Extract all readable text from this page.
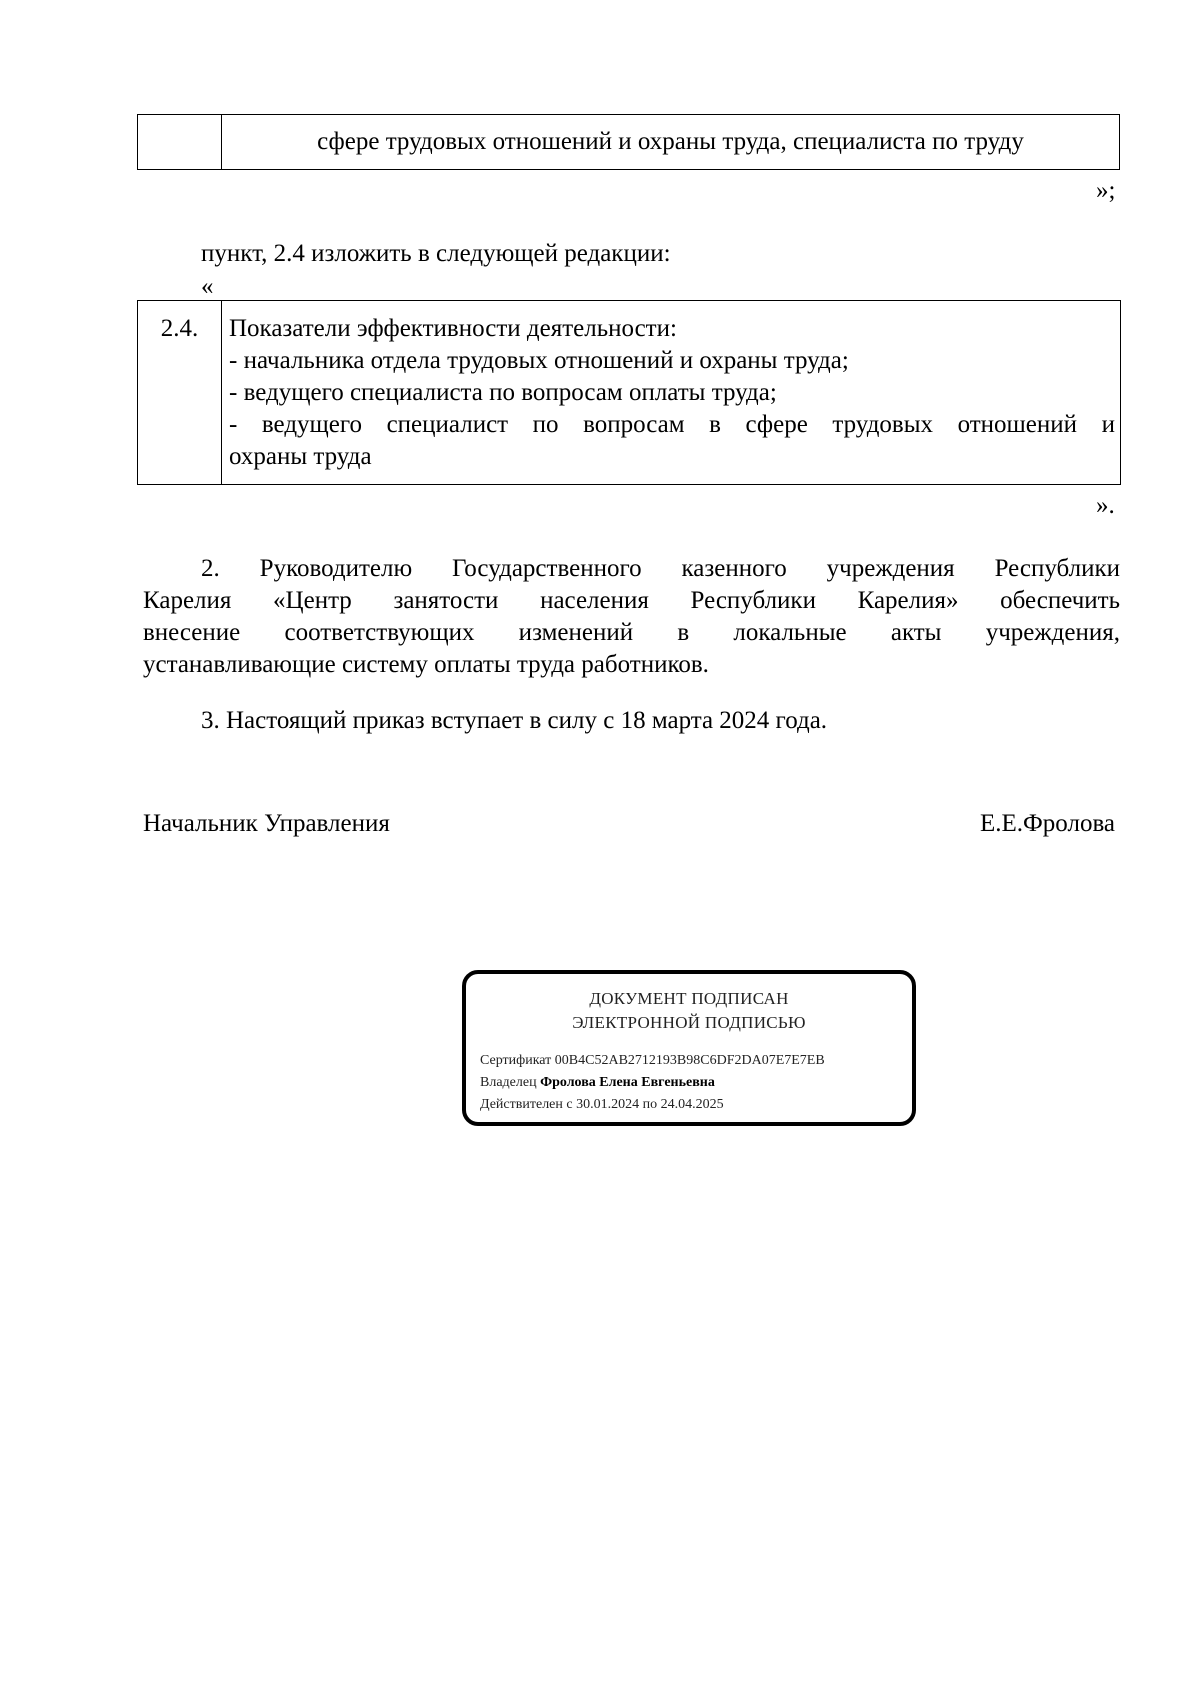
	сфере трудовых отношений и охраны труда, специалиста по труду
»;
пункт, 2.4 изложить в следующей редакции:
«
2.4.	Показатели эффективности деятельности:
- начальника отдела трудовых отношений и охраны труда;
- ведущего специалиста по вопросам оплаты труда;
- ведущего специалист по вопросам в сфере трудовых отношений и
охраны труда
».
2. Руководителю Государственного казенного учреждения Республики
Карелия «Центр занятости населения Республики Карелия» обеспечить
внесение соответствующих изменений в локальные акты учреждения,
устанавливающие систему оплаты труда работников.
3. Настоящий приказ вступает в силу с 18 марта 2024 года.
Начальник Управления	Е.Е.Фролова
ДОКУМЕНТ ПОДПИСАН
ЭЛЕКТРОННОЙ ПОДПИСЬЮ
Сертификат 00B4C52AB2712193B98C6DF2DA07E7E7EB
Владелец Фролова Елена Евгеньевна
Действителен с 30.01.2024 по 24.04.2025
